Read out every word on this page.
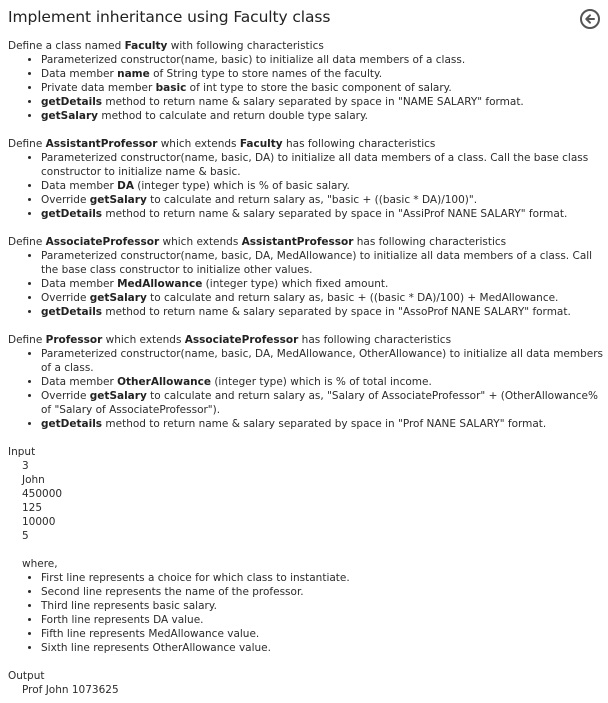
Implement inheritance using Faculty class

Define a class named Faculty with following characteristics

• Parameterized constructor(name, basic) to initialize all data members of a class.
• Data member name of String type to store names of the faculty.
• Private data member basic of int type to store the basic component of salary.
• getDetails method to return name & salary separated by space in "NAME SALARY" format.
• getSalary method to calculate and return double type salary.

Define AssistantProfessor which extends Faculty has following characteristics

• Parameterized constructor(name, basic, DA) to initialize all data members of a class. Call the base class constructor to initialize name & basic.
• Data member DA (integer type) which is % of basic salary.
• Override getSalary to calculate and return salary as, "basic + ((basic * DA)/100)".
• getDetails method to return name & salary separated by space in "AssiProf NANE SALARY" format.

Define AssociateProfessor which extends AssistantProfessor has following characteristics

• Parameterized constructor(name, basic, DA, MedAllowance) to initialize all data members of a class. Call the base class constructor to initialize other values.
• Data member MedAllowance (integer type) which fixed amount.
• Override getSalary to calculate and return salary as, basic + ((basic * DA)/100) + MedAllowance.
• getDetails method to return name & salary separated by space in "AssoProf NANE SALARY" format.

Define Professor which extends AssociateProfessor has following characteristics

• Parameterized constructor(name, basic, DA, MedAllowance, OtherAllowance) to initialize all data members of a class.
• Data member OtherAllowance (integer type) which is % of total income.
• Override getSalary to calculate and return salary as, "Salary of AssociateProfessor" + (OtherAllowance% of "Salary of AssociateProfessor").
• getDetails method to return name & salary separated by space in "Prof NANE SALARY" format.
Input
3
John
450000
125
10000
5
where,
• First line represents a choice for which class to instantiate.
• Second line represents the name of the professor.
• Third line represents basic salary.
• Forth line represents DA value.
• Fifth line represents MedAllowance value.
• Sixth line represents OtherAllowance value.
Output
Prof John 1073625
